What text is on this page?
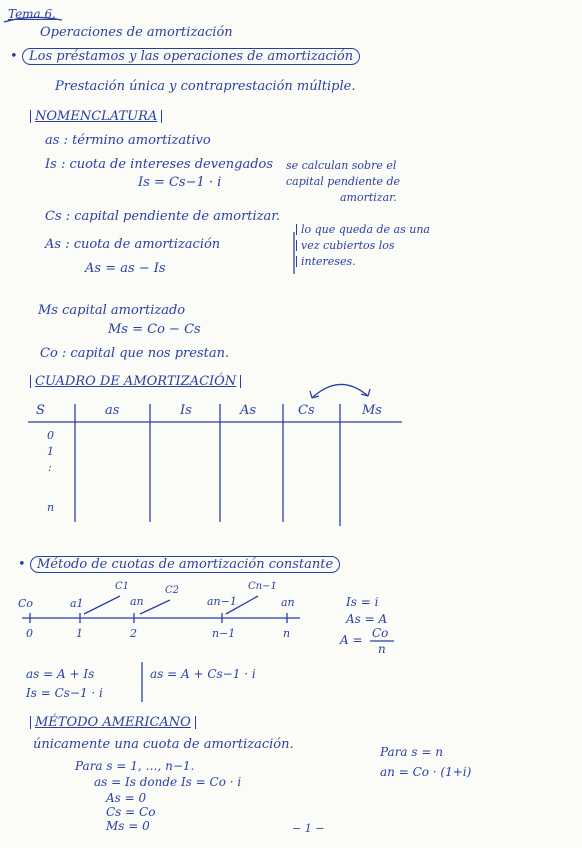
Tema 6.
Operaciones de amortización
• Los préstamos y las operaciones de amortización
Prestación única y contraprestación múltiple.
NOMENCLATURA
as : término amortizativo
Is : cuota de intereses devengados
Is = Cs−1 · i
se calculan sobre el
capital pendiente de
amortizar.
Cs : capital pendiente de amortizar.
As : cuota de amortización
As = as − Is
lo que queda de as una
vez cubiertos los
intereses.
Ms capital amortizado
Ms = Co − Cs
Co : capital que nos prestan.
CUADRO DE AMORTIZACIÓN
S	as	Is	As	Cs	Ms
0
1
:
n
• Método de cuotas de amortización constante
C1	C2	Cn−1
Co	a1	an	an−1	an
0	1	2	n−1	n
Is = i
As = A
A = Co
n
as = A + Is
Is = Cs−1 · i
as = A + Cs−1 · i
MÉTODO AMERICANO
únicamente una cuota de amortización.
Para s = 1, …, n−1.
as = Is donde Is = Co · i
As = 0
Cs = Co
Ms = 0
Para s = n
an = Co · (1+i)
− 1 −
